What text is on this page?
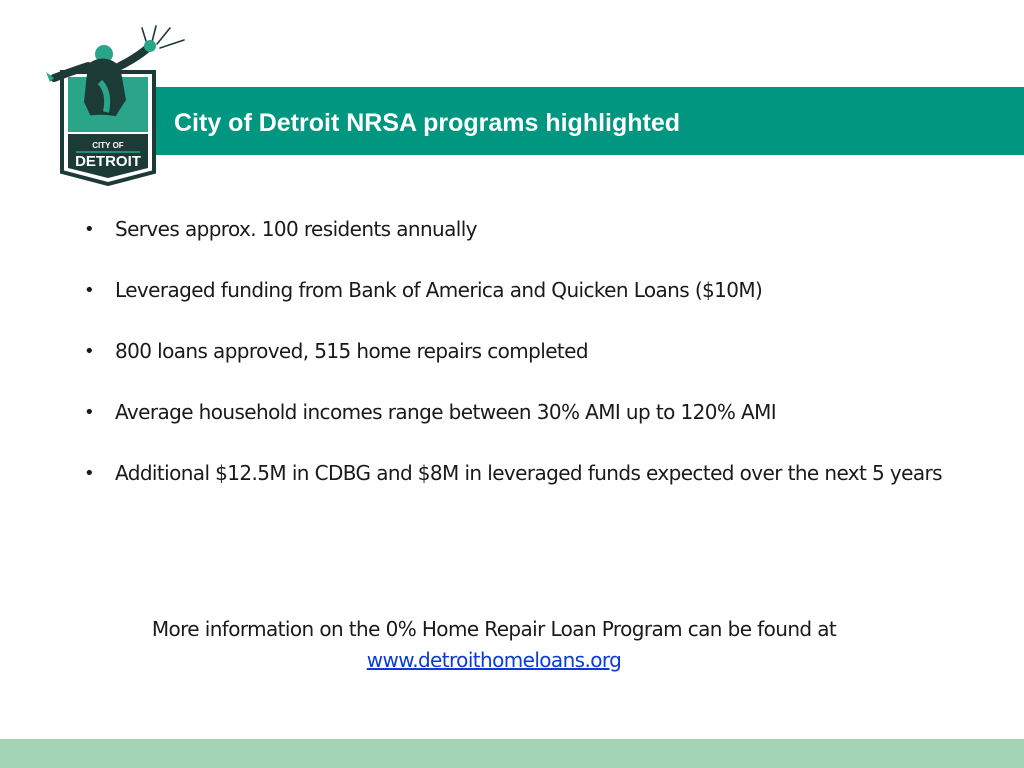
City of Detroit NRSA programs highlighted
CITY OF
DETROIT
• Serves approx. 100 residents annually
• Leveraged funding from Bank of America and Quicken Loans ($10M)
• 800 loans approved, 515 home repairs completed
• Average household incomes range between 30% AMI up to 120% AMI
• Additional $12.5M in CDBG and $8M in leveraged funds expected over the next 5 years
More information on the 0% Home Repair Loan Program can be found at
www.detroithomeloans.org
